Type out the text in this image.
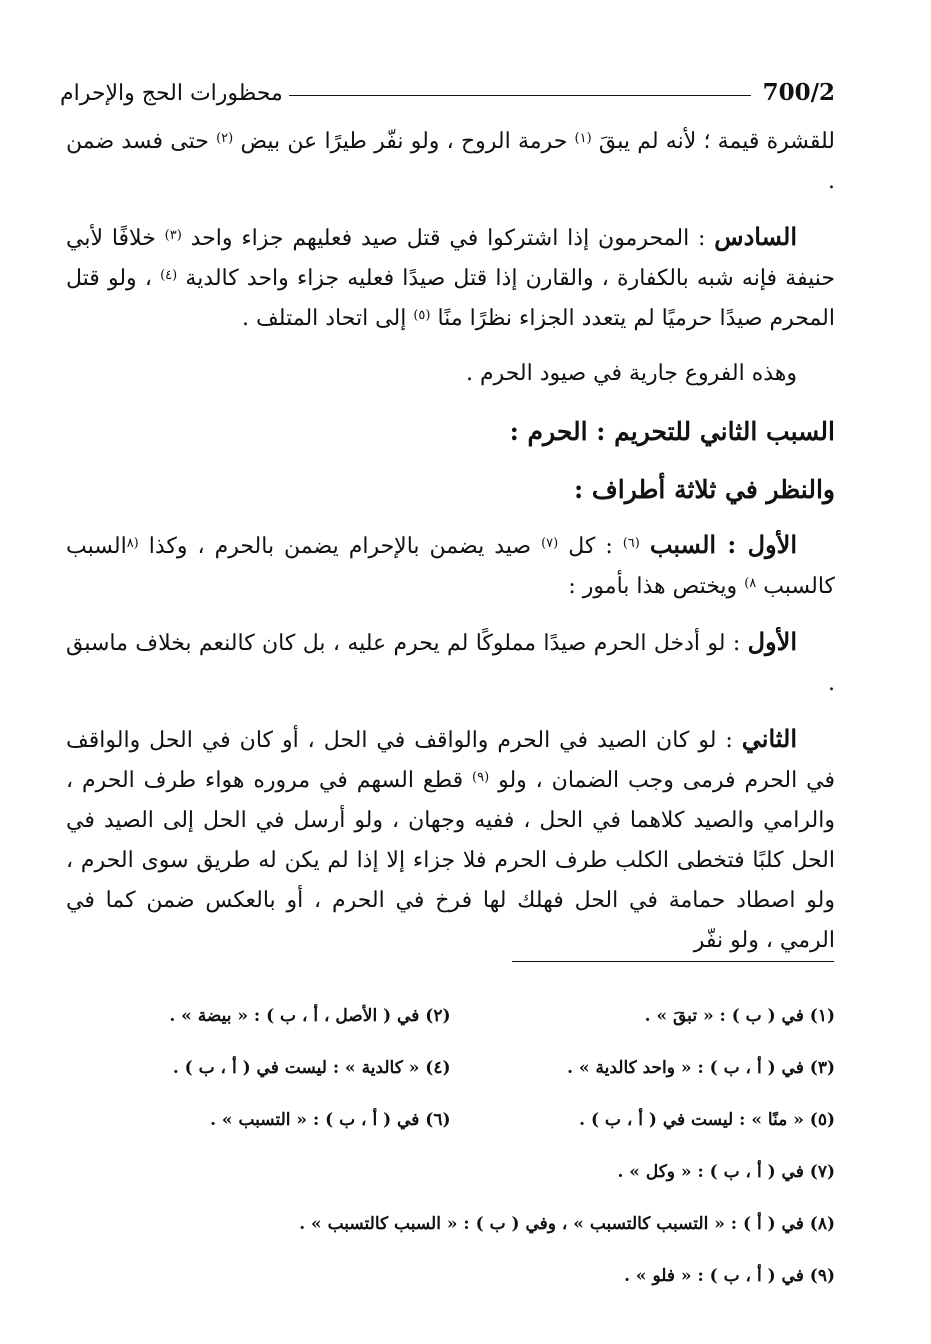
700/2
محظورات الحج والإحرام

للقشرة قيمة ؛ لأنه لم يبقَ $^{(١)}$ حرمة الروح ، ولو نفّر طيرًا عن بيض $^{(٢)}$ حتى فسد ضمن .

السادس : المحرمون إذا اشتركوا في قتل صيد فعليهم جزاء واحد $^{(٣)}$ خلافًا لأبي حنيفة فإنه شبه بالكفارة ، والقارن إذا قتل صيدًا فعليه جزاء واحد كالدية $^{(٤)}$ ، ولو قتل المحرم صيدًا حرميًا لم يتعدد الجزاء نظرًا منًا $^{(٥)}$ إلى اتحاد المتلف .

وهذه الفروع جارية في صيود الحرم .

السبب الثاني للتحريم : الحرم :
والنظر في ثلاثة أطراف :

الأول : السبب $^{(٦)}$ : كل $^{(٧)}$ صيد يضمن بالإحرام يضمن بالحرم ، وكذا $^{(٨}$السبب كالسبب $^{٨)}$ ويختص هذا بأمور :

الأول : لو أدخل الحرم صيدًا مملوكًا لم يحرم عليه ، بل كان كالنعم بخلاف ماسبق .

الثاني : لو كان الصيد في الحرم والواقف في الحل ، أو كان في الحل والواقف في الحرم فرمى وجب الضمان ، ولو $^{(٩)}$ قطع السهم في مروره هواء طرف الحرم ، والرامي والصيد كلاهما في الحل ، ففيه وجهان ، ولو أرسل في الحل إلى الصيد في الحل كلبًا فتخطى الكلب طرف الحرم فلا جزاء إلا إذا لم يكن له طريق سوى الحرم ، ولو اصطاد حمامة في الحل فهلك لها فرخ في الحرم ، أو بالعكس ضمن كما في الرمي ، ولو نفّر

(١) في ( ب ) : « تبقَ » .
(٢) في ( الأصل ، أ ، ب ) : « بيضة » .
(٣) في ( أ ، ب ) : « واحد كالدية » .
(٤) « كالدية » : ليست في ( أ ، ب ) .
(٥) « منًا » : ليست في ( أ ، ب ) .
(٦) في ( أ ، ب ) : « التسبب » .
(٧) في ( أ ، ب ) : « وكل » .
(٨) في ( أ ) : « التسبب كالتسبب » ، وفي ( ب ) : « السبب كالتسبب » .
(٩) في ( أ ، ب ) : « فلو » .
